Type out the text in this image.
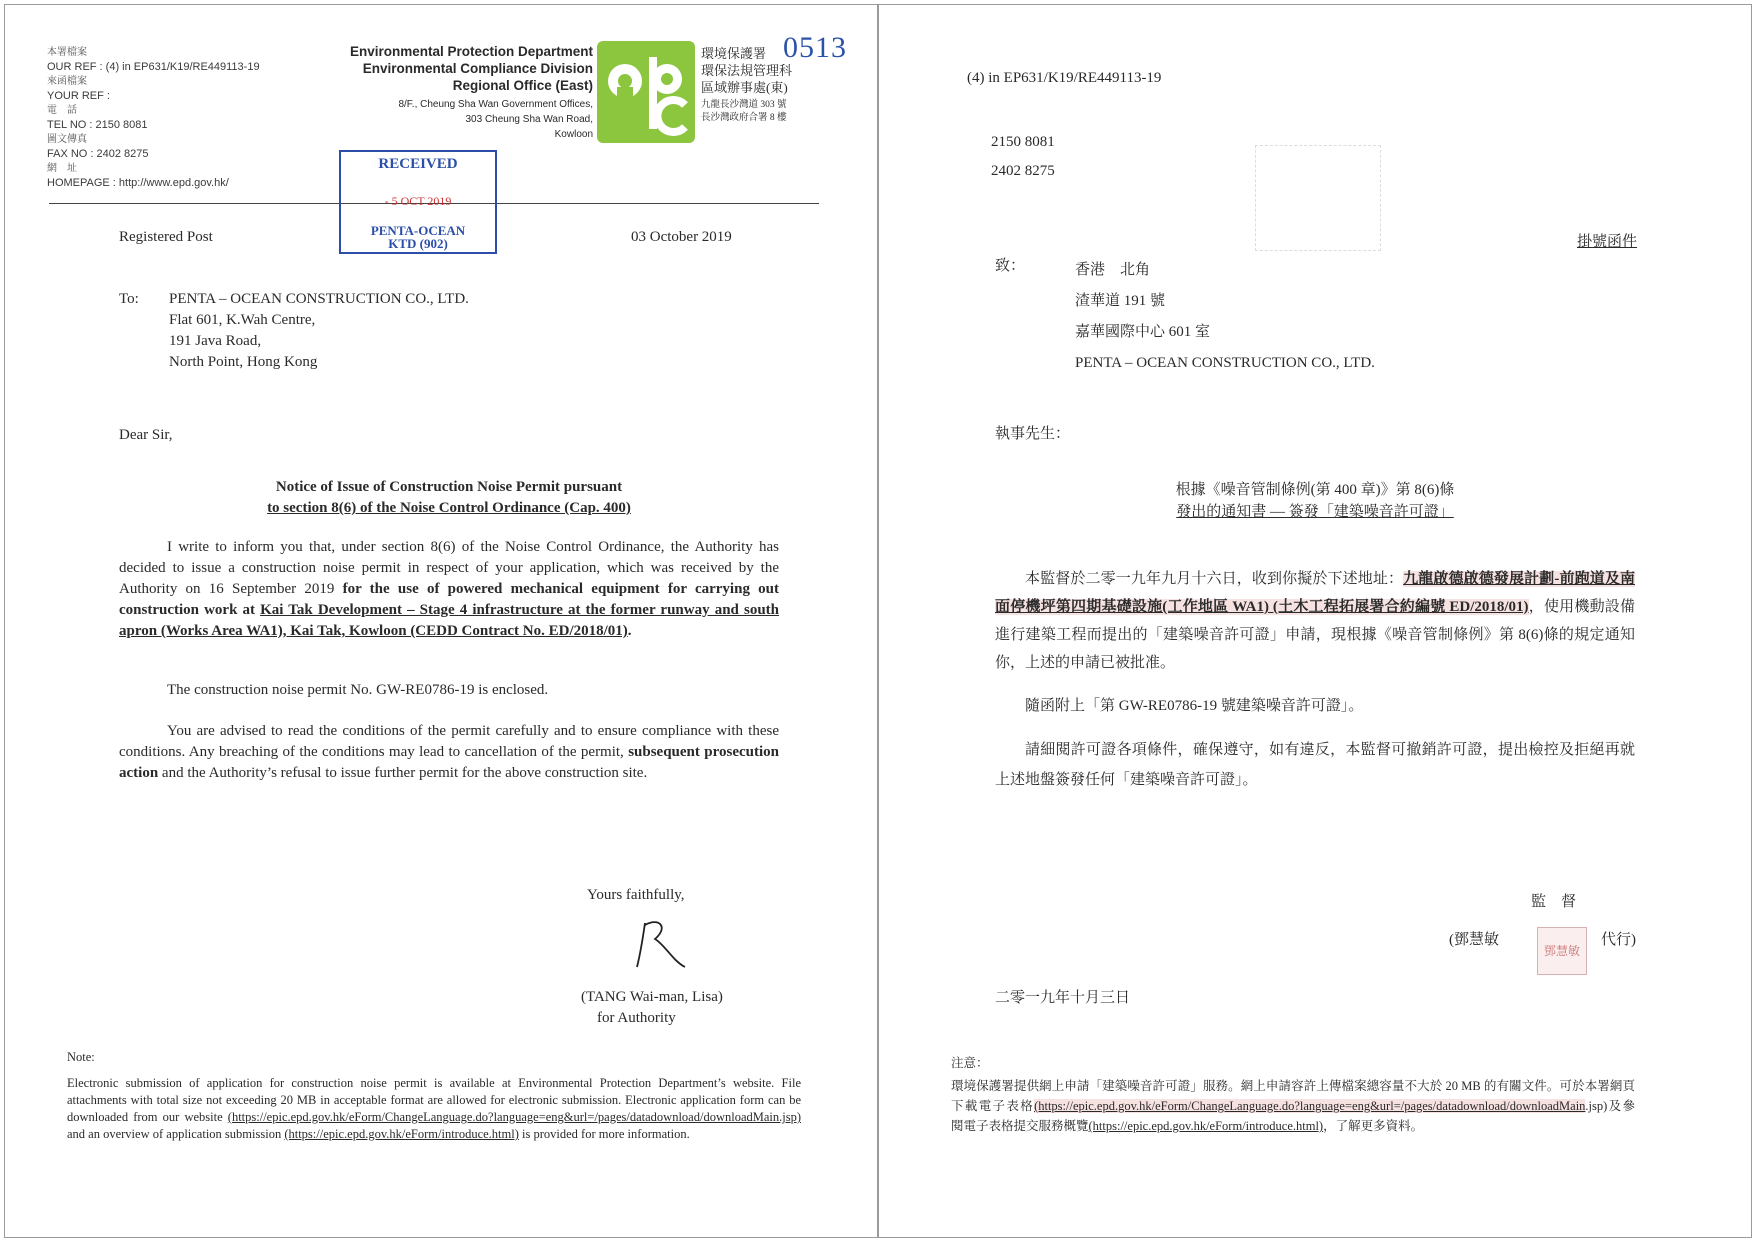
本署檔案
OUR REF : (4) in EP631/K19/RE449113-19
來函檔案
YOUR REF :
電　話
TEL NO : 2150 8081
圖文傳真
FAX NO : 2402 8275
網　址
HOMEPAGE : http://www.epd.gov.hk/
Environmental Protection Department
Environmental Compliance Division
Regional Office (East)
8/F., Cheung Sha Wan Government Offices,
303 Cheung Sha Wan Road,
Kowloon
環境保護署
環保法規管理科
區域辦事處(東)
九龍長沙灣道 303 號
長沙灣政府合署 8 樓
0513
RECEIVED
- 5 OCT 2019
PENTA-OCEAN
KTD (902)
Registered Post	03 October 2019
To: PENTA – OCEAN CONSTRUCTION CO., LTD.
Flat 601, K.Wah Centre,
191 Java Road,
North Point, Hong Kong
Dear Sir,
Notice of Issue of Construction Noise Permit pursuant
to section 8(6) of the Noise Control Ordinance (Cap. 400)
I write to inform you that, under section 8(6) of the Noise Control Ordinance, the Authority has decided to issue a construction noise permit in respect of your application, which was received by the Authority on 16 September 2019 for the use of powered mechanical equipment for carrying out construction work at Kai Tak Development – Stage 4 infrastructure at the former runway and south apron (Works Area WA1), Kai Tak, Kowloon (CEDD Contract No. ED/2018/01).
The construction noise permit No. GW-RE0786-19 is enclosed.
You are advised to read the conditions of the permit carefully and to ensure compliance with these conditions. Any breaching of the conditions may lead to cancellation of the permit, subsequent prosecution action and the Authority’s refusal to issue further permit for the above construction site.
Yours faithfully,
(TANG Wai-man, Lisa)
for Authority
Note:
Electronic submission of application for construction noise permit is available at Environmental Protection Department’s website. File attachments with total size not exceeding 20 MB in acceptable format are allowed for electronic submission. Electronic application form can be downloaded from our website (https://epic.epd.gov.hk/eForm/ChangeLanguage.do?language=eng&url=/pages/datadownload/downloadMain.jsp) and an overview of application submission (https://epic.epd.gov.hk/eForm/introduce.html) is provided for more information.
(4) in EP631/K19/RE449113-19
2150 8081
2402 8275
掛號函件
致：	香港　北角
渣華道 191 號
嘉華國際中心 601 室
PENTA – OCEAN CONSTRUCTION CO., LTD.
執事先生：
根據《噪音管制條例(第 400 章)》第 8(6)條
發出的通知書 — 簽發「建築噪音許可證」
本監督於二零一九年九月十六日，收到你擬於下述地址：九龍啟德啟德發展計劃-前跑道及南面停機坪第四期基礎設施(工作地區 WA1) (土木工程拓展署合約編號 ED/2018/01)，使用機動設備進行建築工程而提出的「建築噪音許可證」申請，現根據《噪音管制條例》第 8(6)條的規定通知你，上述的申請已被批准。
隨函附上「第 GW-RE0786-19 號建築噪音許可證」。
請細閱許可證各項條件，確保遵守，如有違反，本監督可撤銷許可證，提出檢控及拒絕再就上述地盤簽發任何「建築噪音許可證」。
監　督
(鄧慧敏
鄧慧敏
代行)
二零一九年十月三日
注意：
環境保護署提供網上申請「建築噪音許可證」服務。網上申請容許上傳檔案總容量不大於 20 MB 的有關文件。可於本署網頁下載電子表格(https://epic.epd.gov.hk/eForm/ChangeLanguage.do?language=eng&url=/pages/datadownload/downloadMain.jsp)及參閱電子表格提交服務概覽(https://epic.epd.gov.hk/eForm/introduce.html)，了解更多資料。
